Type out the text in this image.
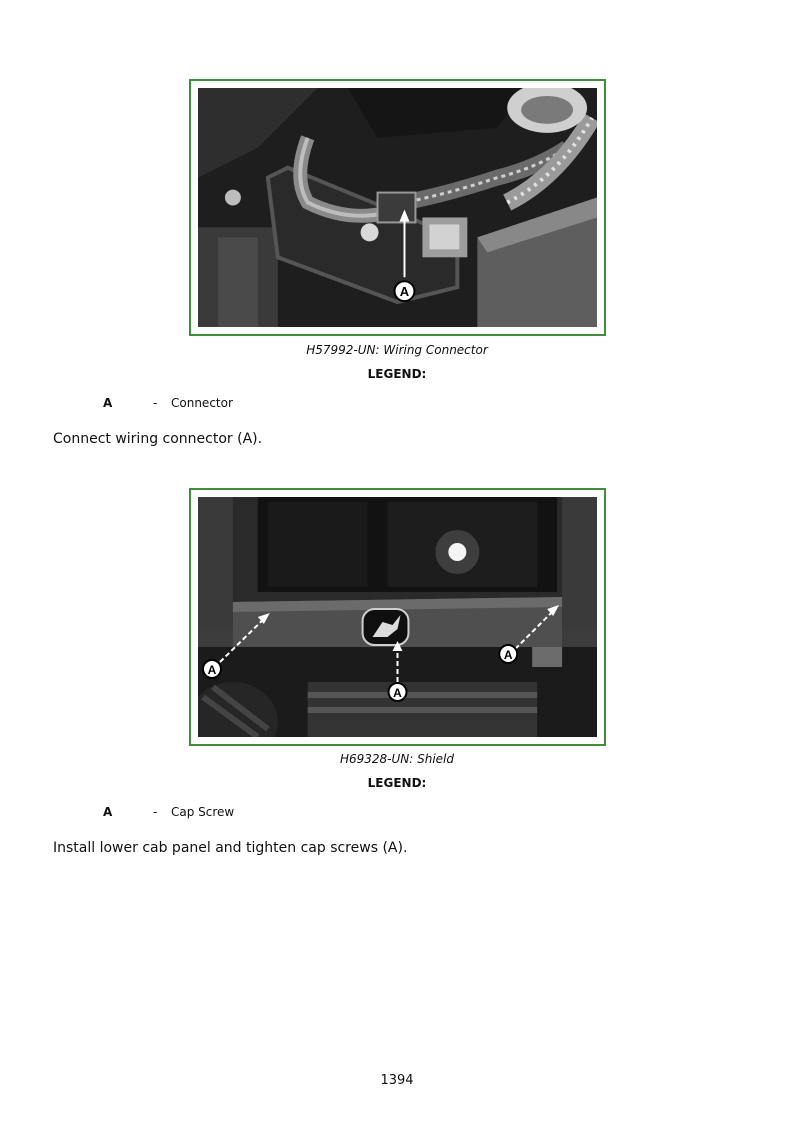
A
H57992-UN: Wiring Connector
LEGEND:
A	- Connector
Connect wiring connector (A).
A
A
A
H69328-UN: Shield
LEGEND:
A	- Cap Screw
Install lower cab panel and tighten cap screws (A).
1394
